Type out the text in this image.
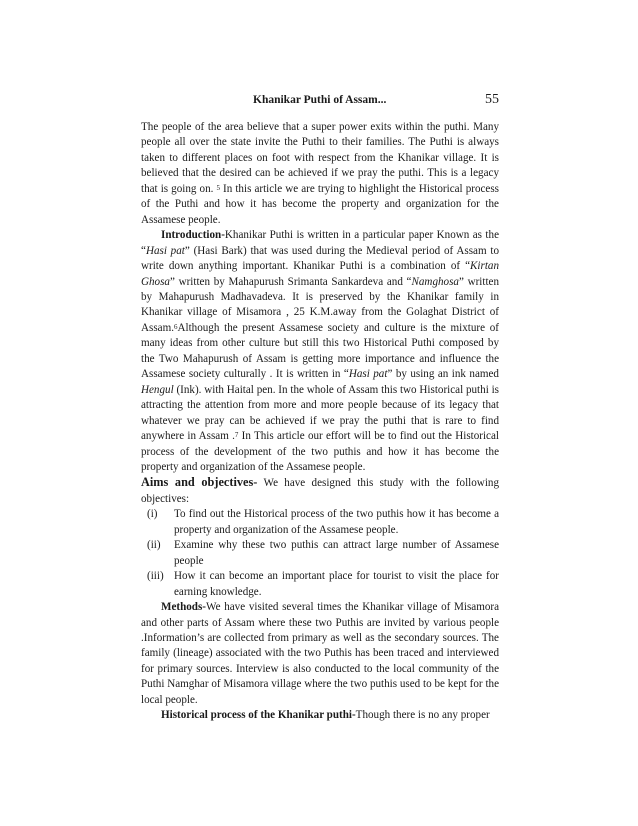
Khanikar Puthi of Assam...	55

The people of the area believe that a super power exits within the puthi. Many people all over the state invite the Puthi to their families. The Puthi is always taken to different places on foot with respect from the Khanikar village. It is believed that the desired can be achieved if we pray the puthi. This is a legacy that is going on. $^5$ In this article we are trying to highlight the Historical process of the Puthi and how it has become the property and organization for the Assamese people.

Introduction-Khanikar Puthi is written in a particular paper Known as the “Hasi pat” (Hasi Bark) that was used during the Medieval period of Assam to write down anything important. Khanikar Puthi is a combination of “Kirtan Ghosa” written by Mahapurush Srimanta Sankardeva and “Namghosa” written by Mahapurush Madhavadeva. It is preserved by the Khanikar family in Khanikar village of Misamora , 25 K.M.away from the Golaghat District of Assam.$^6$Although the present Assamese society and culture is the mixture of many ideas from other culture but still this two Historical Puthi composed by the Two Mahapurush of Assam is getting more importance and influence the Assamese society culturally . It is written in “Hasi pat” by using an ink named Hengul (Ink). with Haital pen. In the whole of Assam this two Historical puthi is attracting the attention from more and more people because of its legacy that whatever we pray can be achieved if we pray the puthi that is rare to find anywhere in Assam .$^7$ In This article our effort will be to find out the Historical process of the development of the two puthis and how it has become the property and organization of the Assamese people.

Aims and objectives- We have designed this study with the following objectives:

(i)	To find out the Historical process of the two puthis how it has become a property and organization of the Assamese people.
(ii)	Examine why these two puthis can attract large number of Assamese people
(iii) How it can become an important place for tourist to visit the place for earning knowledge.

Methods-We have visited several times the Khanikar village of Misamora and other parts of Assam where these two Puthis are invited by various people .Information’s are collected from primary as well as the secondary sources. The family (lineage) associated with the two Puthis has been traced and interviewed for primary sources. Interview is also conducted to the local community of the Puthi Namghar of Misamora village where the two puthis used to be kept for the local people.

Historical process of the Khanikar puthi-Though there is no any proper
